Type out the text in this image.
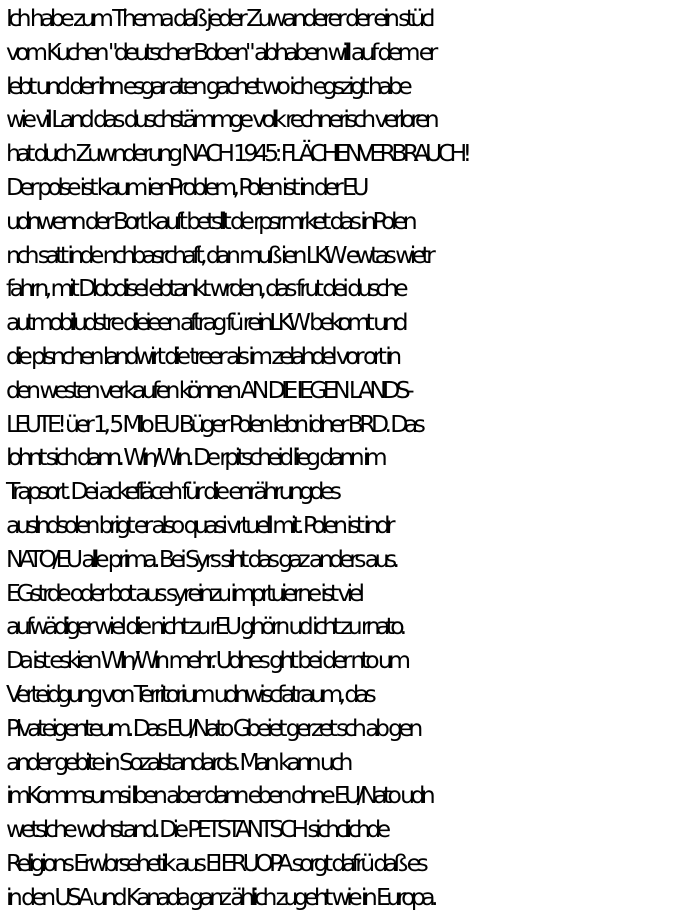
Ich habe zum Thema daß jeder Zuwanderer der ein stücl
vom Kuchen "deutscher Bdoen" abhaben will auf dem er
lebt und der ihn esgar aten gachet wo ich egszigt habe
wie vil Land das duschstämmge volk rechnerisch verloren
hat duch Zuwnderung NACH 1945: FLÄCHENVERBRAUCH!
Der polse ist kaum ienProblem, Polen ist in der EU
udnwenn der Bort kauft betsllt de rpsrmrket das inPolen
nch satt inde nchbasrchaft, dan muß ien LKW ewtas wietr
fahrn, mit Dlobdisel ebtankt wrden, das frut dei dusche
autmobiludstre dieieen aftrag fü reinLKW bekomt und
die plsnchen landwirt die treer als im zelahdel vor ort in
den westen verkaufen können AN DIE IEGEN LANDS-
LEUTE! üer 1, 5 MIo EU Büger Polen lebn idner BRD. Das
lohnt sich dann. Win/Win. De rpitscheid lieg dann im
Trapsort. Dei ackefläceh für die enrährungdes
auslndsolen brigt er also quasi vrtuell mit. Polen ist indr
NATO/EU alle prima. Bei Syrs siht das gaz anders aus.
EGstrde oder bot aus syreinzu imprtuierne ist viel
aufwädiger wiel die nicht zu rEU ghörn ud icht zu rnato.
Da ist eskien WIn/Win mehr. Udnes ght bei der nto um
Verteidgung von Territorium udnwiscfatraum, das
PIvateigenteum. Das EU/Nato Gbeiet gerzet sch ab gen
ander gebite in Sozalstandards. Man kann uch
imKommsumsi lben aber dann eben ohne EU/Nato udn
wetslche wohstand. Die PETSTANTSCH sichclichde
Religions Erwbrsehetik aus EI ERUOPA sorgt dafrü daß es
in den USA und Kanada ganz ählich zugeht wie in Europa.
